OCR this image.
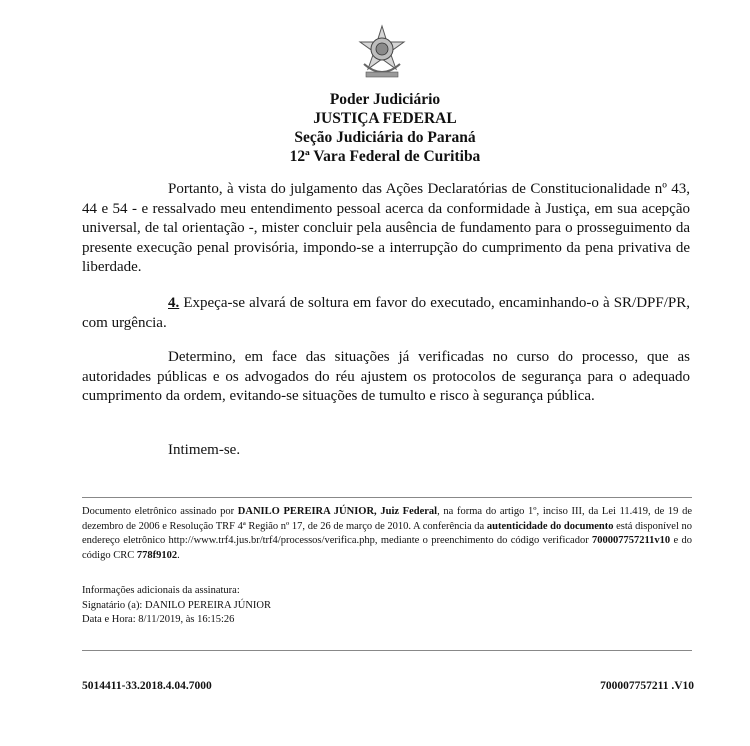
Poder Judiciário
JUSTIÇA FEDERAL
Seção Judiciária do Paraná
12ª Vara Federal de Curitiba
Portanto, à vista do julgamento das Ações Declaratórias de Constitucionalidade nº 43, 44 e 54 - e ressalvado meu entendimento pessoal acerca da conformidade à Justiça, em sua acepção universal, de tal orientação -, mister concluir pela ausência de fundamento para o prosseguimento da presente execução penal provisória, impondo-se a interrupção do cumprimento da pena privativa de liberdade.
4. Expeça-se alvará de soltura em favor do executado, encaminhando-o à SR/DPF/PR, com urgência.
Determino, em face das situações já verificadas no curso do processo, que as autoridades públicas e os advogados do réu ajustem os protocolos de segurança para o adequado cumprimento da ordem, evitando-se situações de tumulto e risco à segurança pública.
Intimem-se.
Documento eletrônico assinado por DANILO PEREIRA JÚNIOR, Juiz Federal, na forma do artigo 1º, inciso III, da Lei 11.419, de 19 de dezembro de 2006 e Resolução TRF 4ª Região nº 17, de 26 de março de 2010. A conferência da autenticidade do documento está disponível no endereço eletrônico http://www.trf4.jus.br/trf4/processos/verifica.php, mediante o preenchimento do código verificador 700007757211v10 e do código CRC 778f9102.
Informações adicionais da assinatura:
Signatário (a): DANILO PEREIRA JÚNIOR
Data e Hora: 8/11/2019, às 16:15:26
5014411-33.2018.4.04.7000	700007757211 .V10
